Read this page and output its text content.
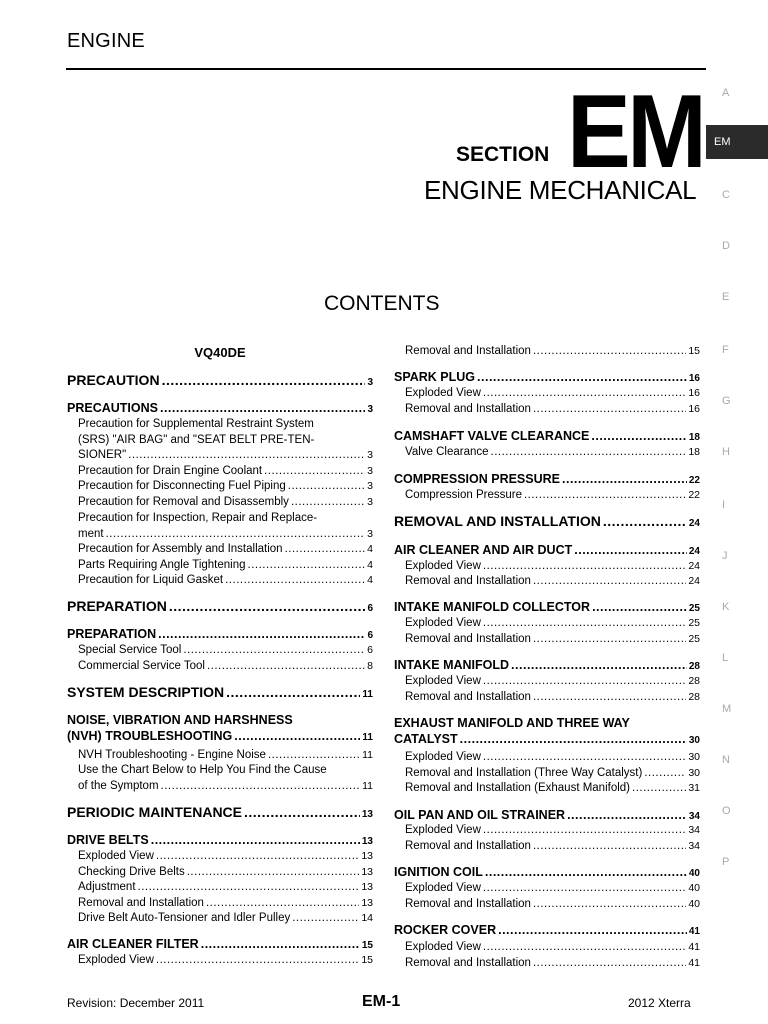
ENGINE
SECTION EM
ENGINE MECHANICAL
CONTENTS
A
EM
C
D
E
F
G
H
I
J
K
L
M
N
O
P
VQ40DE
PRECAUTION .....	3
PRECAUTIONS .....	3
Precaution for Supplemental Restraint System
(SRS) "AIR BAG" and "SEAT BELT PRE-TEN-
SIONER" .....	3
Precaution for Drain Engine Coolant .....	3
Precaution for Disconnecting Fuel Piping .....	3
Precaution for Removal and Disassembly .....	3
Precaution for Inspection, Repair and Replace-
ment .....	3
Precaution for Assembly and Installation .....	4
Parts Requiring Angle Tightening .....	4
Precaution for Liquid Gasket .....	4
PREPARATION .....	6
PREPARATION .....	6
Special Service Tool .....	6
Commercial Service Tool .....	8
SYSTEM DESCRIPTION .....	11
NOISE, VIBRATION AND HARSHNESS
(NVH) TROUBLESHOOTING .....	11
NVH Troubleshooting - Engine Noise .....	11
Use the Chart Below to Help You Find the Cause
of the Symptom .....	11
PERIODIC MAINTENANCE .....	13
DRIVE BELTS .....	13
Exploded View .....	13
Checking Drive Belts .....	13
Adjustment .....	13
Removal and Installation .....	13
Drive Belt Auto-Tensioner and Idler Pulley .....	14
AIR CLEANER FILTER .....	15
Exploded View .....	15
Removal and Installation .....	15
SPARK PLUG .....	16
Exploded View .....	16
Removal and Installation .....	16
CAMSHAFT VALVE CLEARANCE .....	18
Valve Clearance .....	18
COMPRESSION PRESSURE .....	22
Compression Pressure .....	22
REMOVAL AND INSTALLATION .....	24
AIR CLEANER AND AIR DUCT .....	24
Exploded View .....	24
Removal and Installation .....	24
INTAKE MANIFOLD COLLECTOR .....	25
Exploded View .....	25
Removal and Installation .....	25
INTAKE MANIFOLD .....	28
Exploded View .....	28
Removal and Installation .....	28
EXHAUST MANIFOLD AND THREE WAY
CATALYST .....	30
Exploded View .....	30
Removal and Installation (Three Way Catalyst) .....	30
Removal and Installation (Exhaust Manifold) .....	31
OIL PAN AND OIL STRAINER .....	34
Exploded View .....	34
Removal and Installation .....	34
IGNITION COIL .....	40
Exploded View .....	40
Removal and Installation .....	40
ROCKER COVER .....	41
Exploded View .....	41
Removal and Installation .....	41
Revision: December 2011	EM-1	2012 Xterra
